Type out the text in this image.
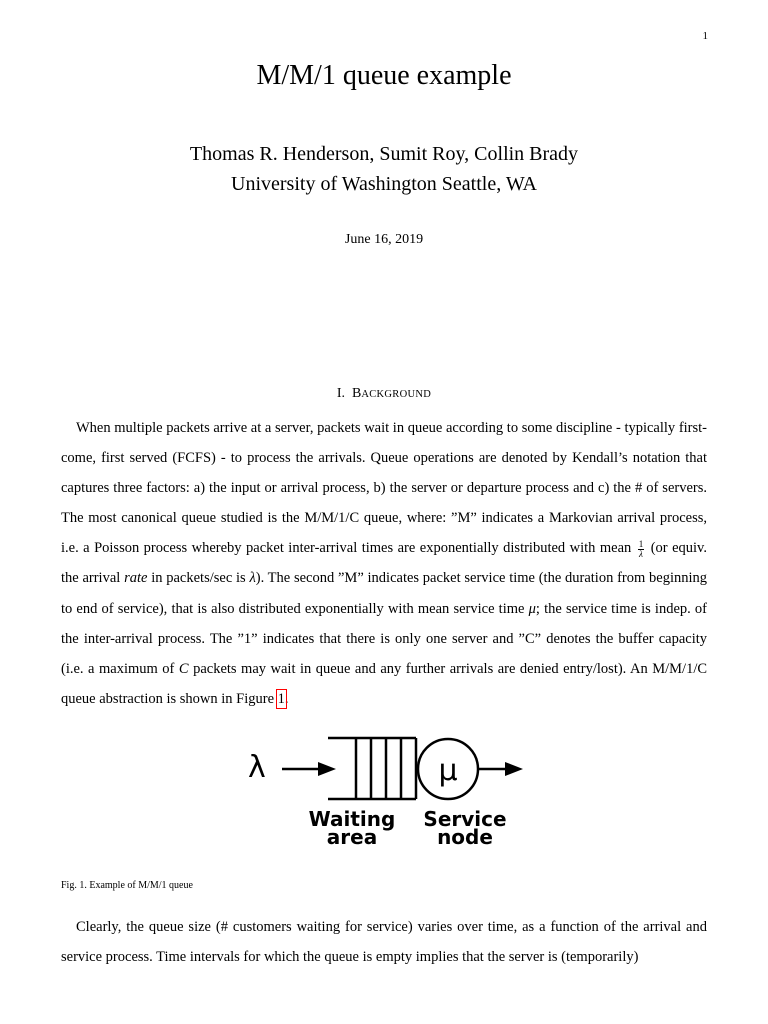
1
M/M/1 queue example
Thomas R. Henderson, Sumit Roy, Collin Brady
University of Washington Seattle, WA
June 16, 2019
I. BACKGROUND
When multiple packets arrive at a server, packets wait in queue according to some discipline - typically first-come, first served (FCFS) - to process the arrivals. Queue operations are denoted by Kendall’s notation that captures three factors: a) the input or arrival process, b) the server or departure process and c) the # of servers. The most canonical queue studied is the M/M/1/C queue, where: ”M” indicates a Markovian arrival process, i.e. a Poisson process whereby packet inter-arrival times are exponentially distributed with mean $\frac{1}{\lambda} (or$ equiv. the arrival rate in packets/sec is λ). The second ”M” indicates packet service time (the duration from beginning to end of service), that is also distributed exponentially with mean service time μ; the service time is indep. of the inter-arrival process. The ”1” indicates that there is only one server and ”C” denotes the buffer capacity (i.e. a maximum of C packets may wait in queue and any further arrivals are denied entry/lost). An M/M/1/C queue abstraction is shown in Figure 1.
λ	μ
Waiting
area
Service
node
Fig. 1. Example of M/M/1 queue
Clearly, the queue size (# customers waiting for service) varies over time, as a function of the arrival and service process. Time intervals for which the queue is empty implies that the server is (temporarily)
